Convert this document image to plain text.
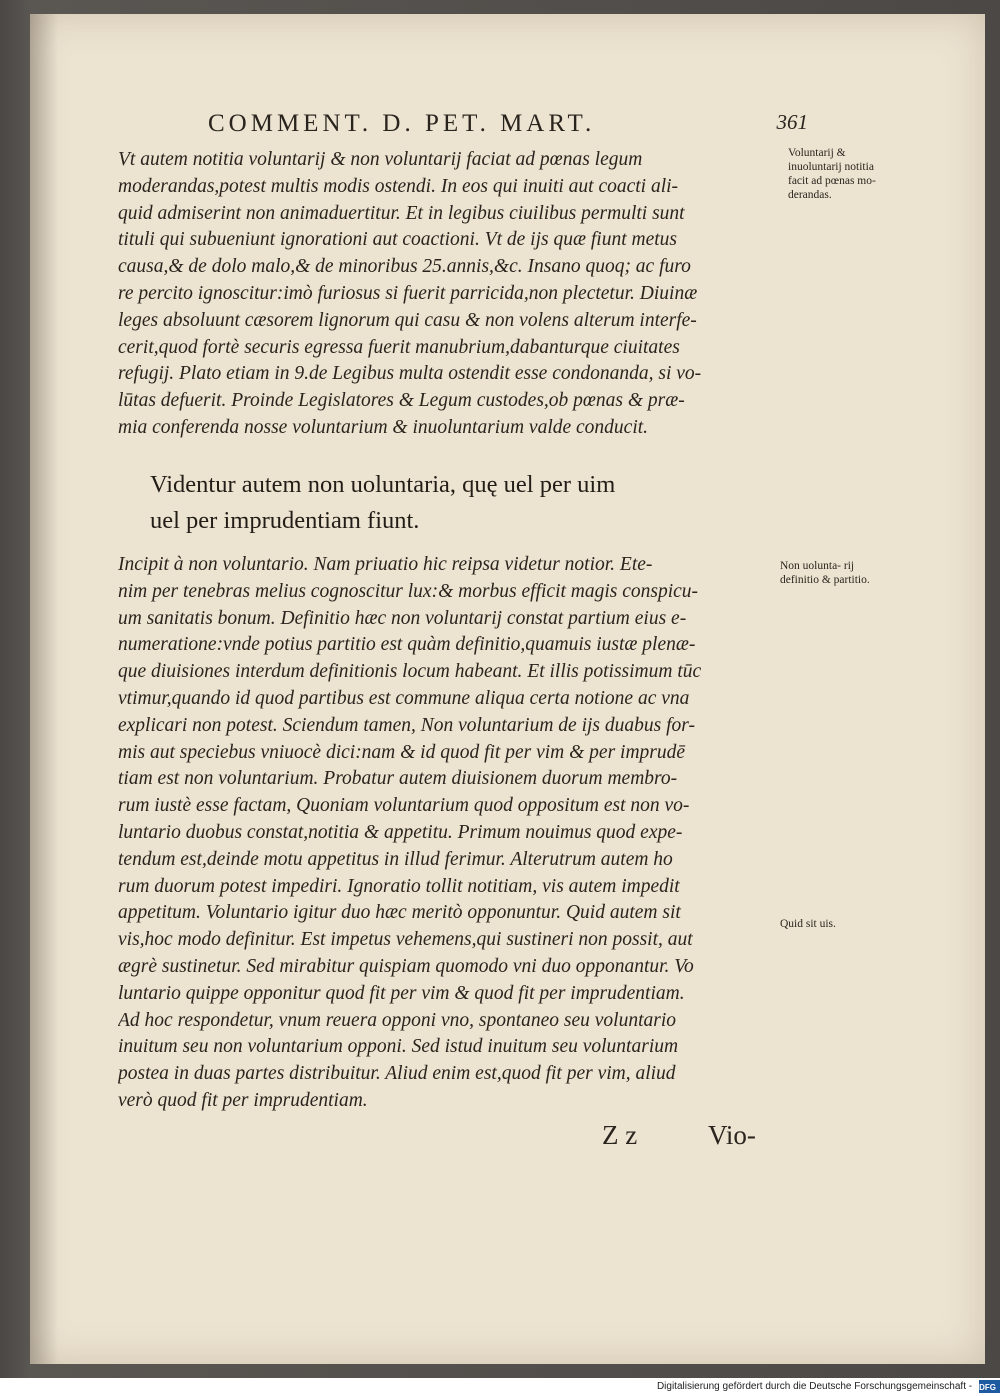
COMMENT. D. PET. MART.	361
Vt autem notitia voluntarij & non voluntarij faciat ad pœnas legum
moderandas,potest multis modis ostendi. In eos qui inuiti aut coacti ali-
quid admiserint non animaduertitur. Et in legibus ciuilibus permulti sunt
tituli qui subueniunt ignorationi aut coactioni. Vt de ijs quæ fiunt metus
causa,& de dolo malo,& de minoribus 25.annis,&c. Insano quoq; ac furo
re percito ignoscitur:imò furiosus si fuerit parricida,non plectetur. Diuinæ
leges absoluunt cæsorem lignorum qui casu & non volens alterum interfe-
cerit,quod fortè securis egressa fuerit manubrium,dabanturque ciuitates
refugij. Plato etiam in 9.de Legibus multa ostendit esse condonanda, si vo-
lūtas defuerit. Proinde Legislatores & Legum custodes,ob pœnas & præ-
mia conferenda nosse voluntarium & inuoluntarium valde conducit.
Videntur autem non uoluntaria, quę uel per uim
uel per imprudentiam fiunt.
Incipit à non voluntario. Nam priuatio hic reipsa videtur notior. Ete-
nim per tenebras melius cognoscitur lux:& morbus efficit magis conspicu-
um sanitatis bonum. Definitio hæc non voluntarij constat partium eius e-
numeratione:vnde potius partitio est quàm definitio,quamuis iustæ plenæ-
que diuisiones interdum definitionis locum habeant. Et illis potissimum tūc
vtimur,quando id quod partibus est commune aliqua certa notione ac vna
explicari non potest. Sciendum tamen, Non voluntarium de ijs duabus for-
mis aut speciebus vniuocè dici:nam & id quod fit per vim & per imprudē
tiam est non voluntarium. Probatur autem diuisionem duorum membro-
rum iustè esse factam, Quoniam voluntarium quod oppositum est non vo-
luntario duobus constat,notitia & appetitu. Primum nouimus quod expe-
tendum est,deinde motu appetitus in illud ferimur. Alterutrum autem ho
rum duorum potest impediri. Ignoratio tollit notitiam, vis autem impedit
appetitum. Voluntario igitur duo hæc meritò opponuntur. Quid autem sit
vis,hoc modo definitur. Est impetus vehemens,qui sustineri non possit, aut
ægrè sustinetur. Sed mirabitur quispiam quomodo vni duo opponantur. Vo
luntario quippe opponitur quod fit per vim & quod fit per imprudentiam.
Ad hoc respondetur, vnum reuera opponi vno, spontaneo seu voluntario
inuitum seu non voluntarium opponi. Sed istud inuitum seu voluntarium
postea in duas partes distribuitur. Aliud enim est,quod fit per vim, aliud
verò quod fit per imprudentiam.
Voluntarij & inuoluntarij notitia facit ad pœnas mo- derandas.
Non uolunta- rij definitio & partitio.
Quid sit uis.
Z z	Vio-
Digitalisierung gefördert durch die Deutsche Forschungsgemeinschaft - DFG
